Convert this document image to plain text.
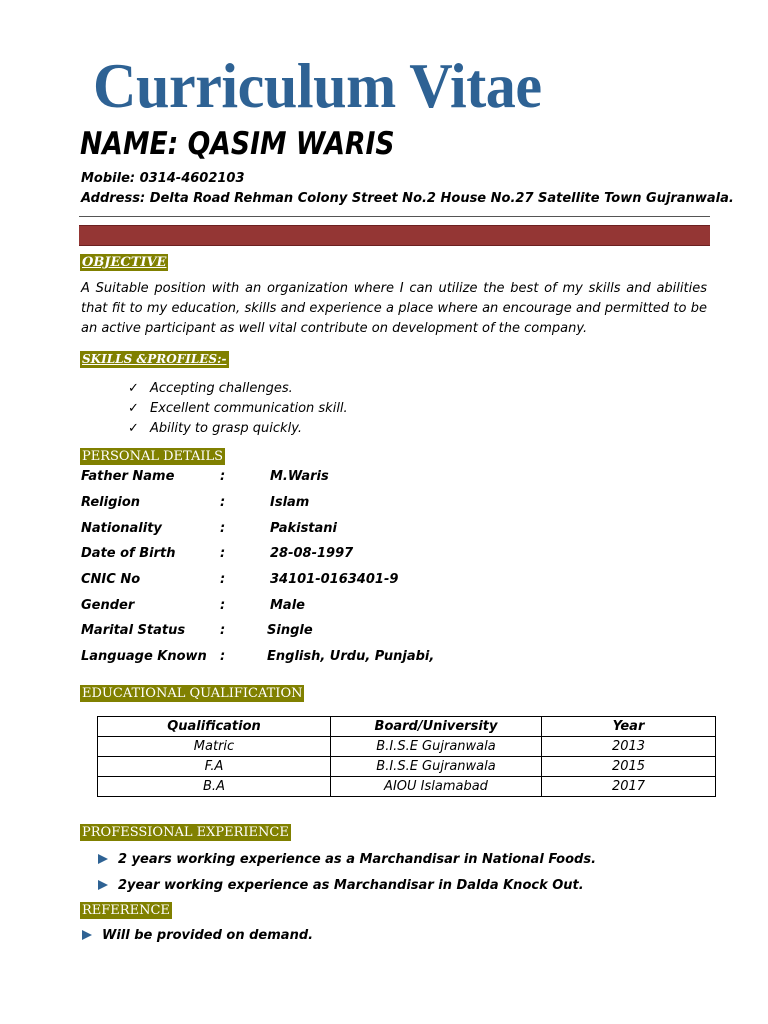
Curriculum Vitae
NAME: QASIM WARIS
Mobile: 0314-4602103
Address: Delta Road Rehman Colony Street No.2 House No.27 Satellite Town Gujranwala.
OBJECTIVE

A Suitable position with an organization where I can utilize the best of my skills and abilities that fit to my education, skills and experience a place where an encourage and permitted to be an active participant as well vital contribute on development of the company.

SKILLS &PROFILES:-
✓ Accepting challenges.
✓ Excellent communication skill.
✓ Ability to grasp quickly.
PERSONAL DETAILS
Father Name	:	M.Waris
Religion	:	Islam
Nationality	:	Pakistani
Date of Birth	:	28-08-1997
CNIC No	:	34101-0163401-9
Gender	:	Male
Marital Status	:	Single
Language Known :	English, Urdu, Punjabi,
EDUCATIONAL QUALIFICATION
Qualification	Board/University	Year
Matric	B.I.S.E Gujranwala	2013
F.A	B.I.S.E Gujranwala	2015
B.A	AIOU Islamabad	2017
PROFESSIONAL EXPERIENCE
2 years working experience as a Marchandisar in National Foods.
2year working experience as Marchandisar in Dalda Knock Out.
REFERENCE
Will be provided on demand.
